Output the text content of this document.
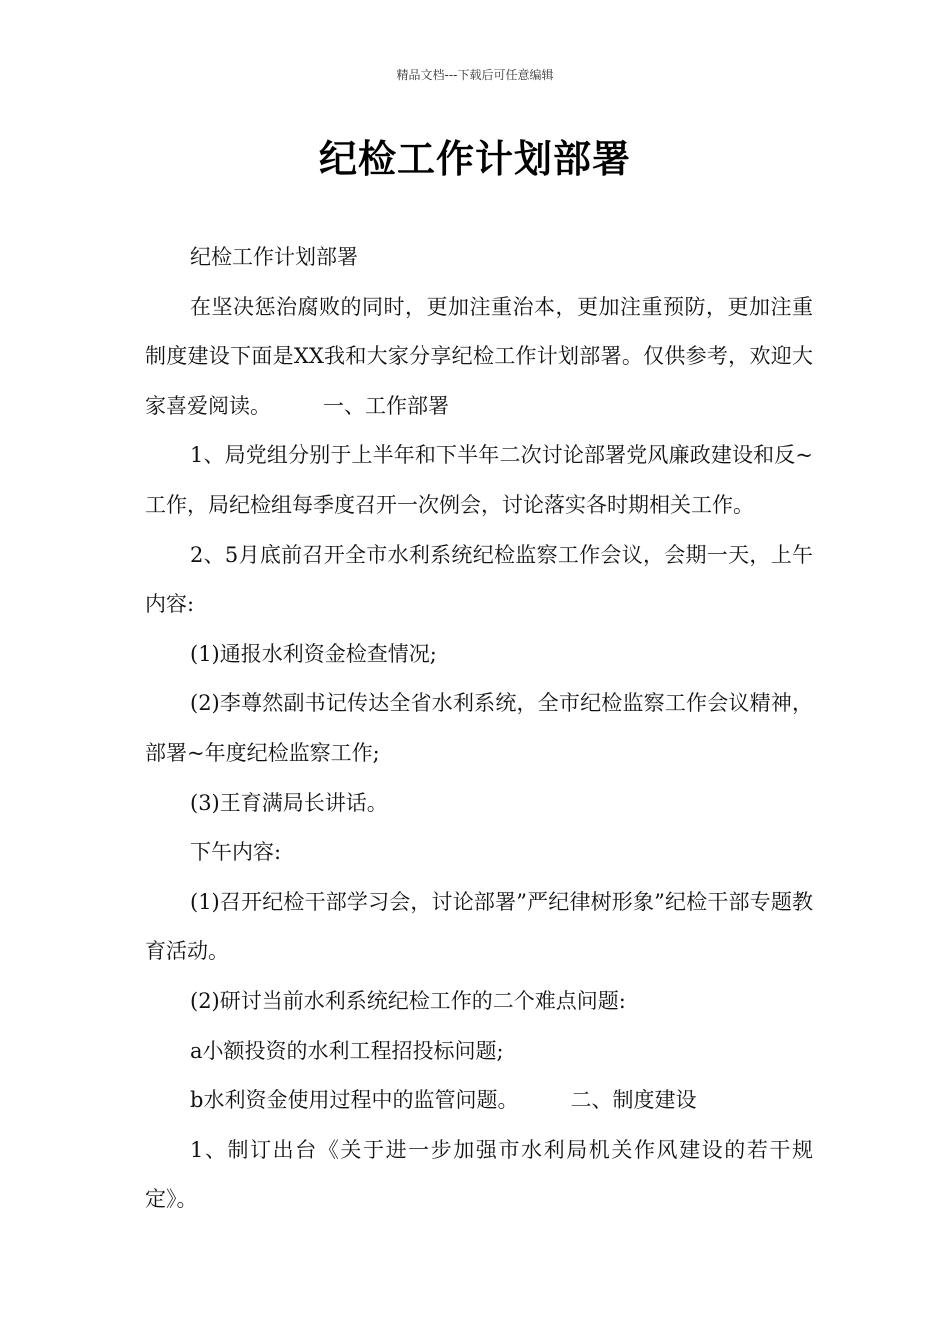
精品文档---下载后可任意编辑
纪检工作计划部署

纪检工作计划部署

在坚决惩治腐败的同时，更加注重治本，更加注重预防，更加注重制度建设下面是XX我和大家分享纪检工作计划部署。仅供参考，欢迎大家喜爱阅读。 一、工作部署

1、局党组分别于上半年和下半年二次讨论部署党风廉政建设和反~工作，局纪检组每季度召开一次例会，讨论落实各时期相关工作。

2、5月底前召开全市水利系统纪检监察工作会议，会期一天，上午内容:

(1)通报水利资金检查情况;

(2)李尊然副书记传达全省水利系统，全市纪检监察工作会议精神，部署~年度纪检监察工作;

(3)王育满局长讲话。

下午内容:

(1)召开纪检干部学习会，讨论部署”严纪律树形象”纪检干部专题教育活动。

(2)研讨当前水利系统纪检工作的二个难点问题:

a小额投资的水利工程招投标问题;

b水利资金使用过程中的监管问题。 二、制度建设

1、制订出台《关于进一步加强市水利局机关作风建设的若干规定》。
